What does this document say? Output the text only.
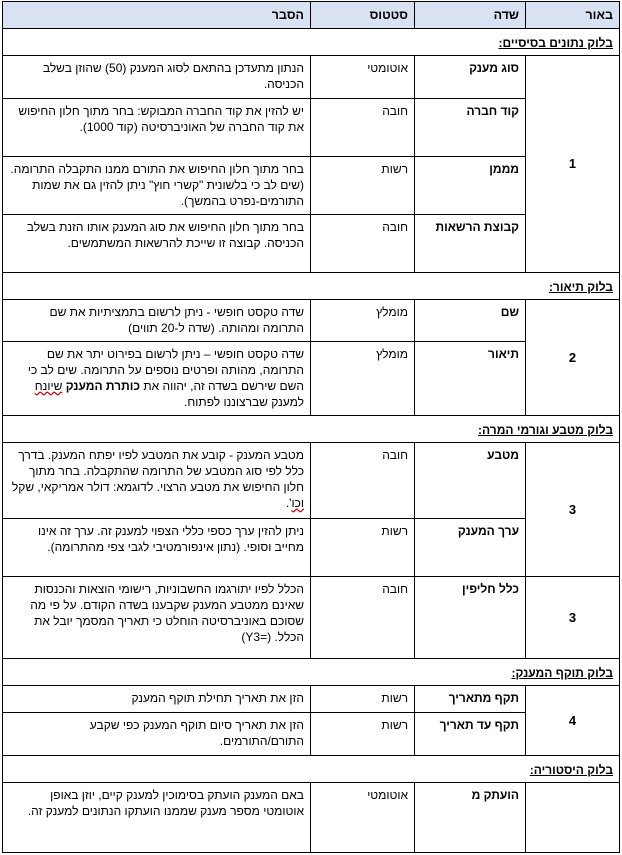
באור	שדה	סטטוס	הסבר
בלוק נתונים בסיסיים:			
1	סוג מענק	אוטומטי	הנתון מתעדכן בהתאם לסוג המענק (50) שהוזן בשלב הכניסה.
	קוד חברה	חובה	יש להזין את קוד החברה המבוקש: בחר מתוך חלון החיפוש את קוד החברה של האוניברסיטה (קוד 1000).
	מממן	רשות	בחר מתוך חלון החיפוש את התורם ממנו התקבלה התרומה. (שים לב כי בלשונית "קשרי חוץ" ניתן להזין גם את שמות התורמים-נפרט בהמשך).
	קבוצת הרשאות	חובה	בחר מתוך חלון החיפוש את סוג המענק אותו הזנת בשלב הכניסה. קבוצה זו שייכת להרשאות המשתמשים.
בלוק תיאור:			
2	שם	מומלץ	שדה טקסט חופשי - ניתן לרשום בתמציתיות את שם התרומה ומהותה. (שדה ל-20 תווים)
	תיאור	מומלץ	שדה טקסט חופשי – ניתן לרשום בפירוט יתר את שם התרומה, מהותה ופרטים נוספים על התרומה. שים לב כי השם שירשם בשדה זה, יהווה את כותרת המענק שיונח למענק שברצוננו לפתוח.
בלוק מטבע וגורמי המרה:			
3	מטבע	חובה	מטבע המענק - קובע את המטבע לפיו יפתח המענק. בדרך כלל לפי סוג המטבע של התרומה שהתקבלה. בחר מתוך חלון החיפוש את מטבע הרצוי. לדוגמא: דולר אמריקאי, שקל וכו'.
	ערך המענק	רשות	ניתן להזין ערך כספי כללי הצפוי למענק זה. ערך זה אינו מחייב וסופי. (נתון אינפורמטיבי לגבי צפי מהתרומה).
3	כלל חליפין	חובה	הכלל לפיו יתורגמו החשבוניות, רישומי הוצאות והכנסות שאינם ממטבע המענק שקבענו בשדה הקודם. על פי מה שסוכם באוניברסיטה הוחלט כי תאריך המסמך יובל את הכלל. (=Y3)
בלוק תוקף המענק:			
4	תקף מתאריך	רשות	הזן את תאריך תחילת תוקף המענק
	תקף עד תאריך	רשות	הזן את תאריך סיום תוקף המענק כפי שקבע התורם/התורמים.
בלוק היסטוריה:			
	הועתק מ	אוטומטי	באם המענק הועתק בסימוכין למענק קיים, יוזן באופן אוטומטי מספר מענק שממנו הועתקו הנתונים למענק זה.
